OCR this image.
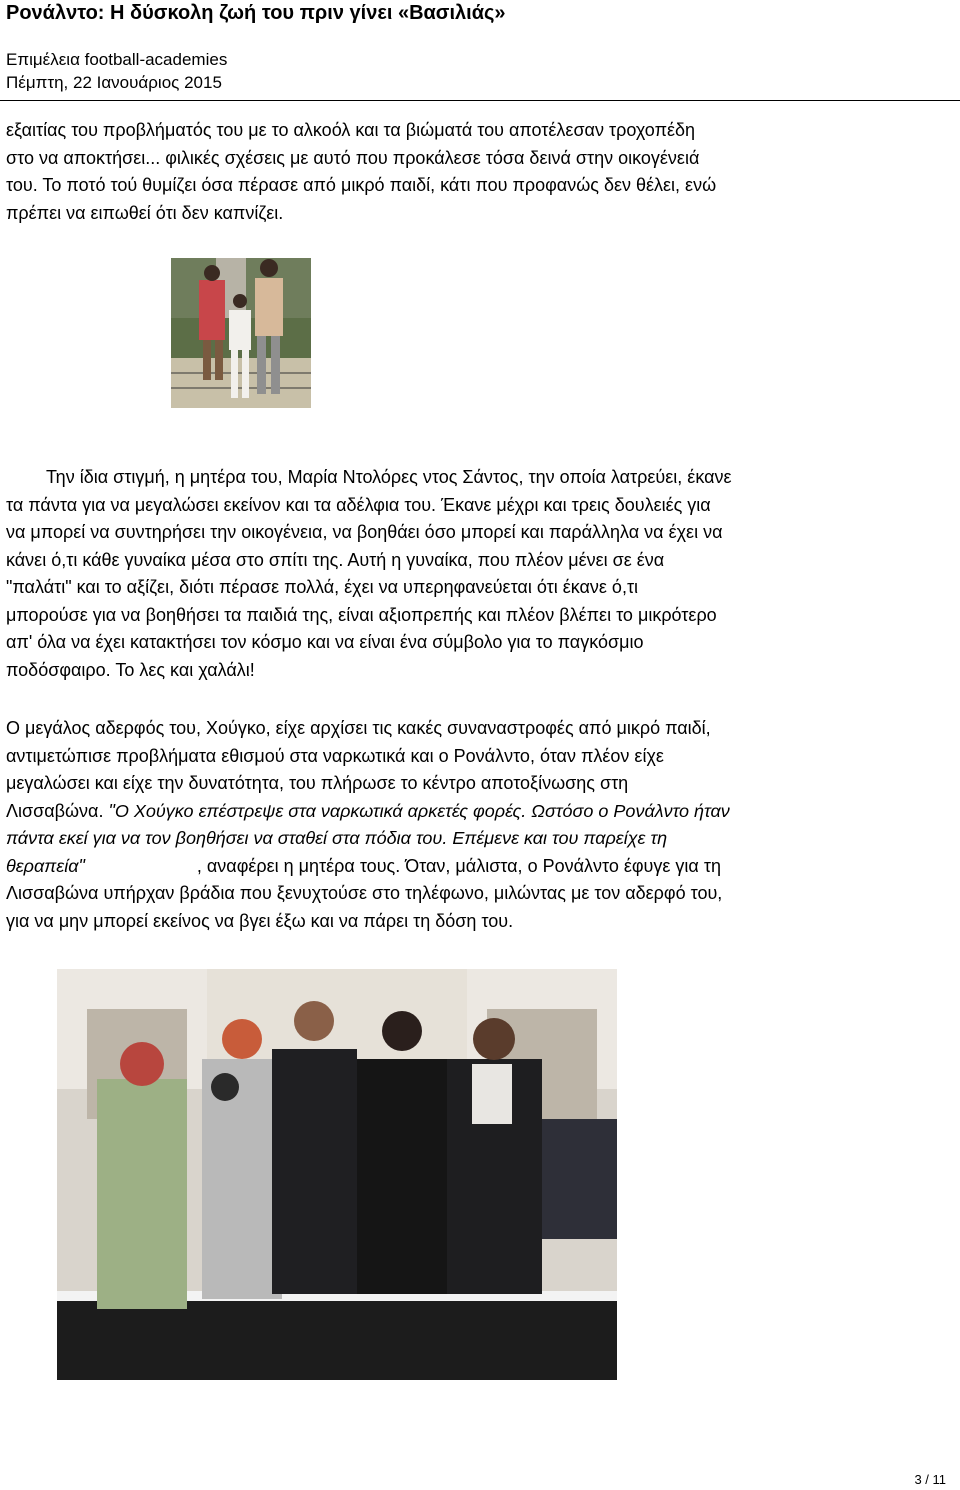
Ρονάλντο: Η δύσκολη ζωή του πριν γίνει «Βασιλιάς»
Επιμέλεια football-academies
Πέμπτη, 22 Ιανουάριος 2015
εξαιτίας του προβλήματός του με το αλκοόλ και τα βιώματά του αποτέλεσαν τροχοπέδη
στο να αποκτήσει... φιλικές σχέσεις με αυτό που προκάλεσε τόσα δεινά στην οικογένειά
του. Το ποτό τού θυμίζει όσα πέρασε από μικρό παιδί, κάτι που προφανώς δεν θέλει, ενώ
πρέπει να ειπωθεί ότι δεν καπνίζει.
Την ίδια στιγμή, η μητέρα του, Μαρία Ντολόρες ντος Σάντος, την οποία λατρεύει, έκανε
τα πάντα για να μεγαλώσει εκείνον και τα αδέλφια του. Έκανε μέχρι και τρεις δουλειές για
να μπορεί να συντηρήσει την οικογένεια, να βοηθάει όσο μπορεί και παράλληλα να έχει να
κάνει ό,τι κάθε γυναίκα μέσα στο σπίτι της. Αυτή η γυναίκα, που πλέον μένει σε ένα
"παλάτι" και το αξίζει, διότι πέρασε πολλά, έχει να υπερηφανεύεται ότι έκανε ό,τι
μπορούσε για να βοηθήσει τα παιδιά της, είναι αξιοπρεπής και πλέον βλέπει το μικρότερο
απ' όλα να έχει κατακτήσει τον κόσμο και να είναι ένα σύμβολο για το παγκόσμιο
ποδόσφαιρο. Το λες και χαλάλι!
Ο μεγάλος αδερφός του, Χούγκο, είχε αρχίσει τις κακές συναναστροφές από μικρό παιδί,
αντιμετώπισε προβλήματα εθισμού στα ναρκωτικά και ο Ρονάλντο, όταν πλέον είχε
μεγαλώσει και είχε την δυνατότητα, του πλήρωσε το κέντρο αποτοξίνωσης στη
Λισσαβώνα. "Ο Χούγκο επέστρεψε στα ναρκωτικά αρκετές φορές. Ωστόσο ο Ρονάλντο ήταν
πάντα εκεί για να τον βοηθήσει να σταθεί στα πόδια του. Επέμενε και του παρείχε τη
θεραπεία"	, αναφέρει η μητέρα τους. Όταν, μάλιστα, ο Ρονάλντο έφυγε για τη
Λισσαβώνα υπήρχαν βράδια που ξενυχτούσε στο τηλέφωνο, μιλώντας με τον αδερφό του,
για να μην μπορεί εκείνος να βγει έξω και να πάρει τη δόση του.
3 / 11
